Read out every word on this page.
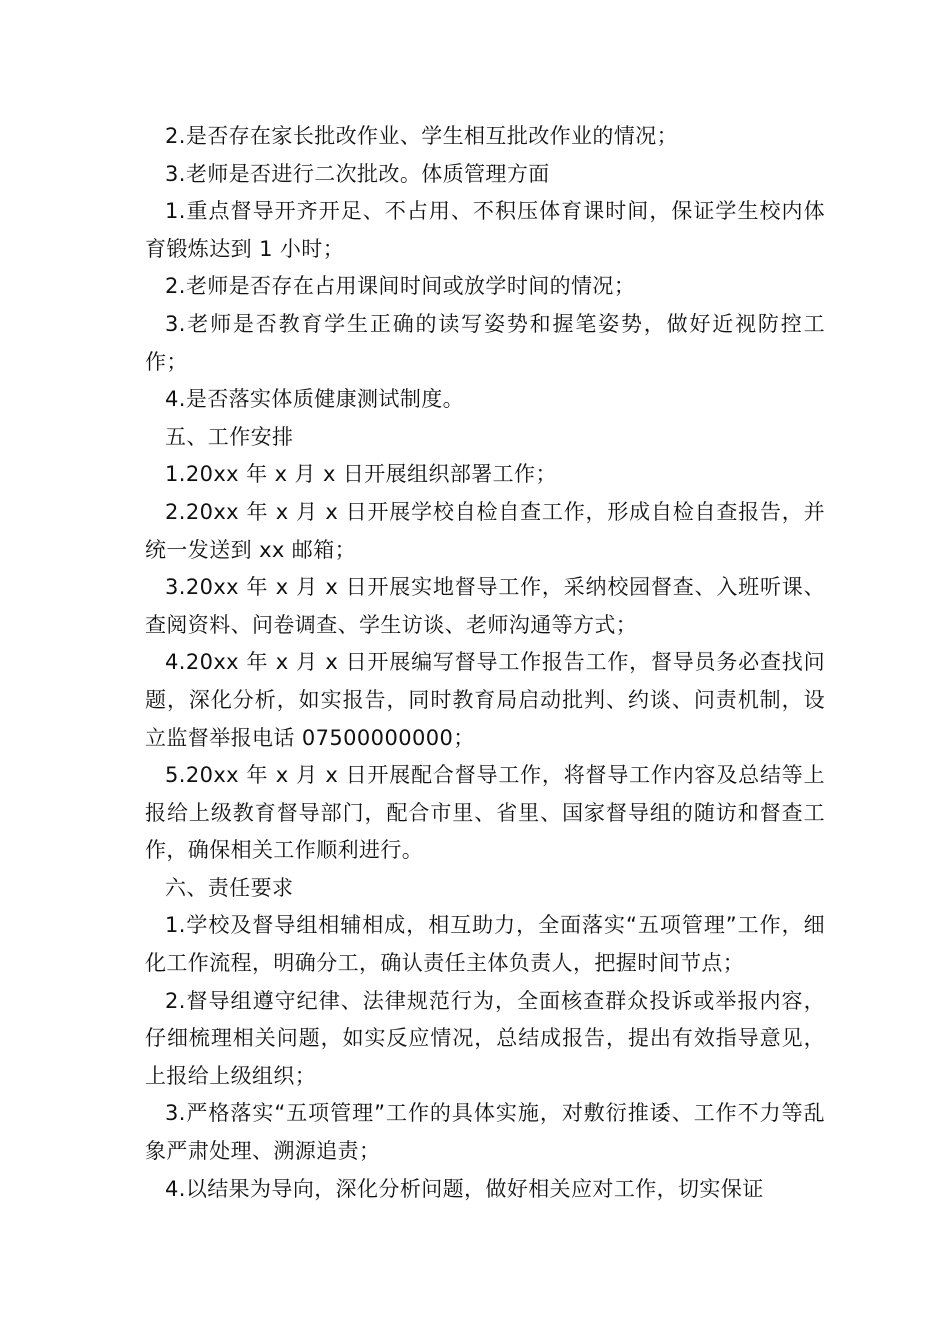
2.是否存在家长批改作业、学生相互批改作业的情况；

3.老师是否进行二次批改。体质管理方面

1.重点督导开齐开足、不占用、不积压体育课时间，保证学生校内体育锻炼达到 1 小时；

2.老师是否存在占用课间时间或放学时间的情况；

3.老师是否教育学生正确的读写姿势和握笔姿势，做好近视防控工作；

4.是否落实体质健康测试制度。

五、工作安排

1.20xx 年 x 月 x 日开展组织部署工作；

2.20xx 年 x 月 x 日开展学校自检自查工作，形成自检自查报告，并统一发送到 xx 邮箱；

3.20xx 年 x 月 x 日开展实地督导工作，采纳校园督查、入班听课、查阅资料、问卷调查、学生访谈、老师沟通等方式；

4.20xx 年 x 月 x 日开展编写督导工作报告工作，督导员务必查找问题，深化分析，如实报告，同时教育局启动批判、约谈、问责机制，设立监督举报电话 07500000000；

5.20xx 年 x 月 x 日开展配合督导工作，将督导工作内容及总结等上报给上级教育督导部门，配合市里、省里、国家督导组的随访和督查工作，确保相关工作顺利进行。

六、责任要求

1.学校及督导组相辅相成，相互助力，全面落实“五项管理”工作，细化工作流程，明确分工，确认责任主体负责人，把握时间节点；

2.督导组遵守纪律、法律规范行为，全面核查群众投诉或举报内容，仔细梳理相关问题，如实反应情况，总结成报告，提出有效指导意见，上报给上级组织；

3.严格落实“五项管理”工作的具体实施，对敷衍推诿、工作不力等乱象严肃处理、溯源追责；

4.以结果为导向，深化分析问题，做好相关应对工作，切实保证
